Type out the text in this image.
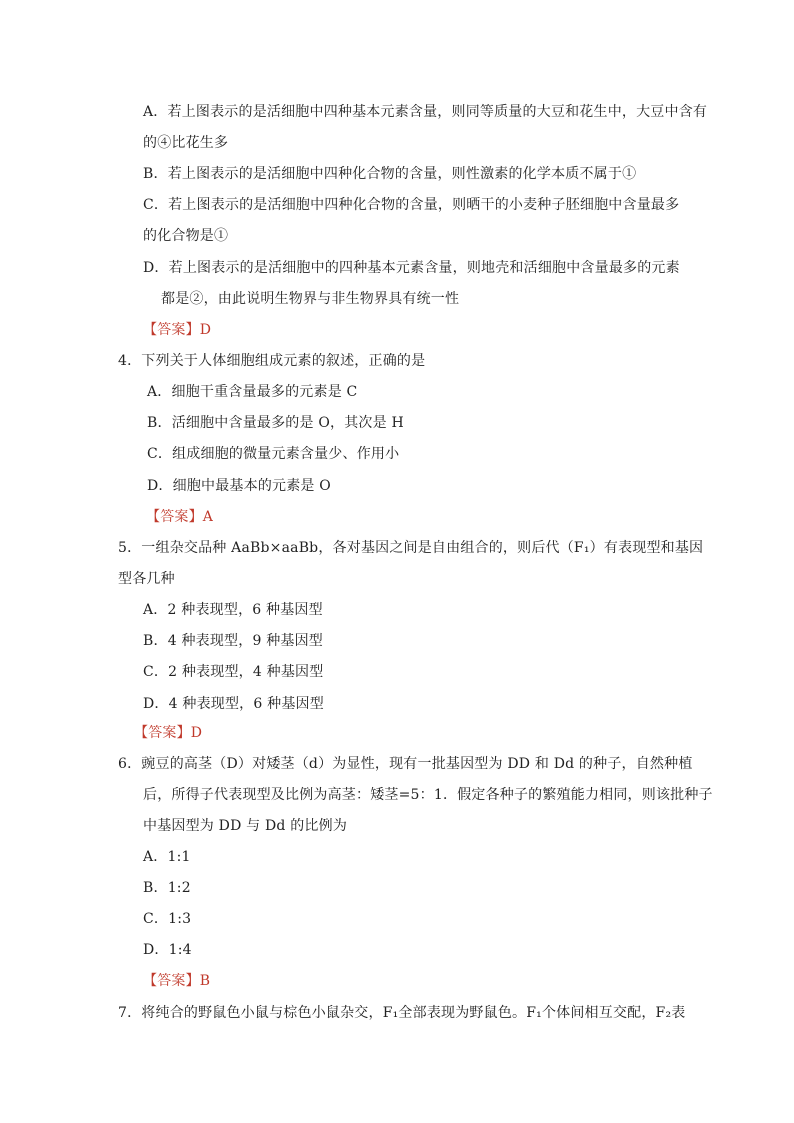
A．若上图表示的是活细胞中四种基本元素含量，则同等质量的大豆和花生中，大豆中含有
的④比花生多
B．若上图表示的是活细胞中四种化合物的含量，则性激素的化学本质不属于①
C．若上图表示的是活细胞中四种化合物的含量，则晒干的小麦种子胚细胞中含量最多
的化合物是①
D．若上图表示的是活细胞中的四种基本元素含量，则地壳和活细胞中含量最多的元素
都是②，由此说明生物界与非生物界具有统一性
【答案】D
4．下列关于人体细胞组成元素的叙述，正确的是
A．细胞干重含量最多的元素是 C
B．活细胞中含量最多的是 O，其次是 H
C．组成细胞的微量元素含量少、作用小
D．细胞中最基本的元素是 O
【答案】A
5．一组杂交品种 AaBb×aaBb，各对基因之间是自由组合的，则后代（F₁）有表现型和基因
型各几种
A．2 种表现型，6 种基因型
B．4 种表现型，9 种基因型
C．2 种表现型，4 种基因型
D．4 种表现型，6 种基因型
【答案】D
6．豌豆的高茎（D）对矮茎（d）为显性，现有一批基因型为 DD 和 Dd 的种子，自然种植
后，所得子代表现型及比例为高茎：矮茎=5：1．假定各种子的繁殖能力相同，则该批种子
中基因型为 DD 与 Dd 的比例为
A．1:1
B．1:2
C．1:3
D．1:4
【答案】B
7．将纯合的野鼠色小鼠与棕色小鼠杂交，F₁全部表现为野鼠色。F₁个体间相互交配，F₂表
